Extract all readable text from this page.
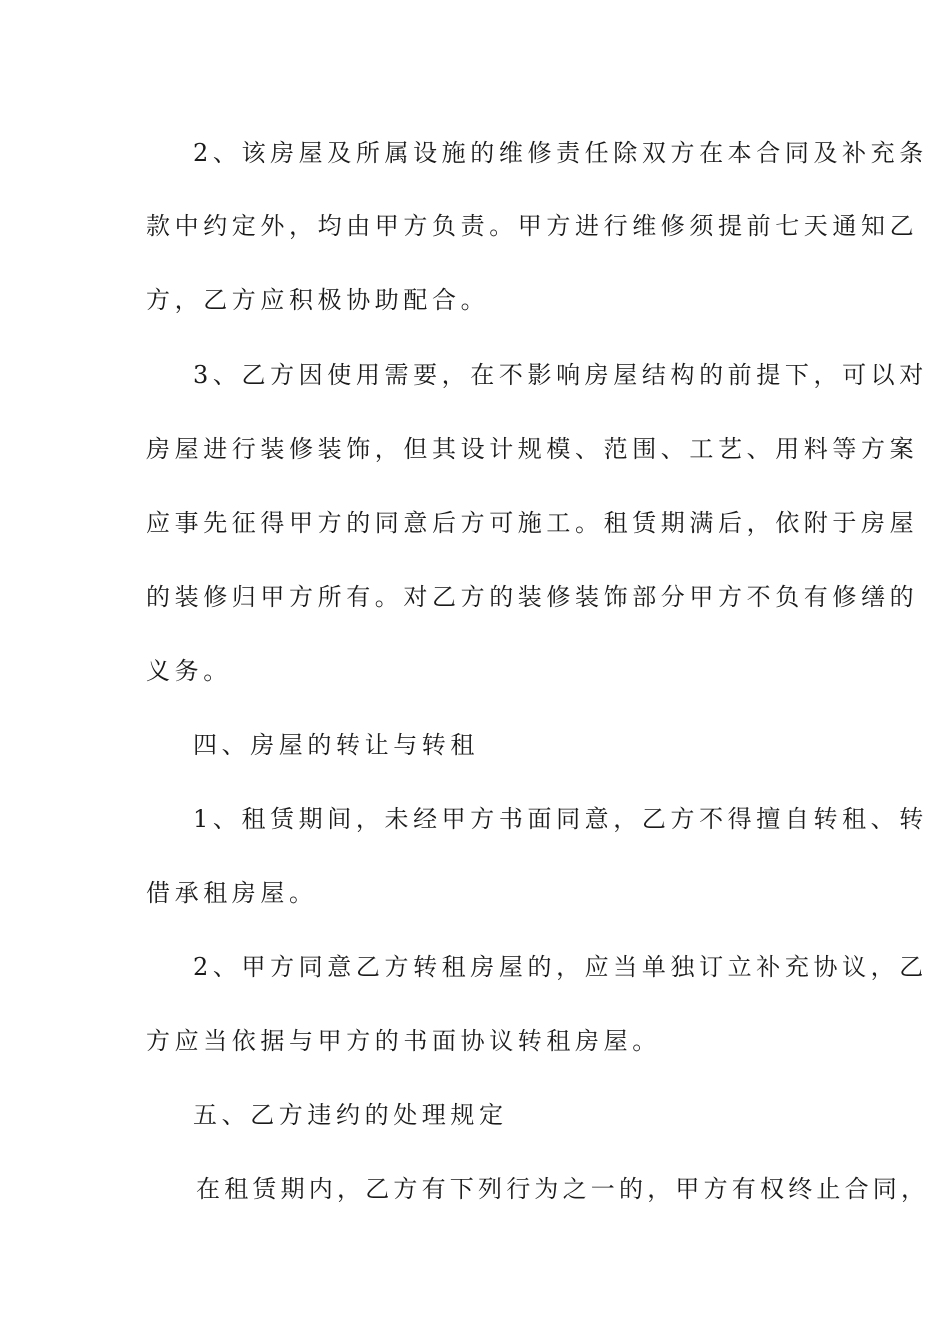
2、该房屋及所属设施的维修责任除双方在本合同及补充条
款中约定外，均由甲方负责。甲方进行维修须提前七天通知乙
方，乙方应积极协助配合。
3、乙方因使用需要，在不影响房屋结构的前提下，可以对
房屋进行装修装饰，但其设计规模、范围、工艺、用料等方案
应事先征得甲方的同意后方可施工。租赁期满后，依附于房屋
的装修归甲方所有。对乙方的装修装饰部分甲方不负有修缮的
义务。
四、房屋的转让与转租
1、租赁期间，未经甲方书面同意，乙方不得擅自转租、转
借承租房屋。
2、甲方同意乙方转租房屋的，应当单独订立补充协议，乙
方应当依据与甲方的书面协议转租房屋。
五、乙方违约的处理规定
在租赁期内，乙方有下列行为之一的，甲方有权终止合同，
